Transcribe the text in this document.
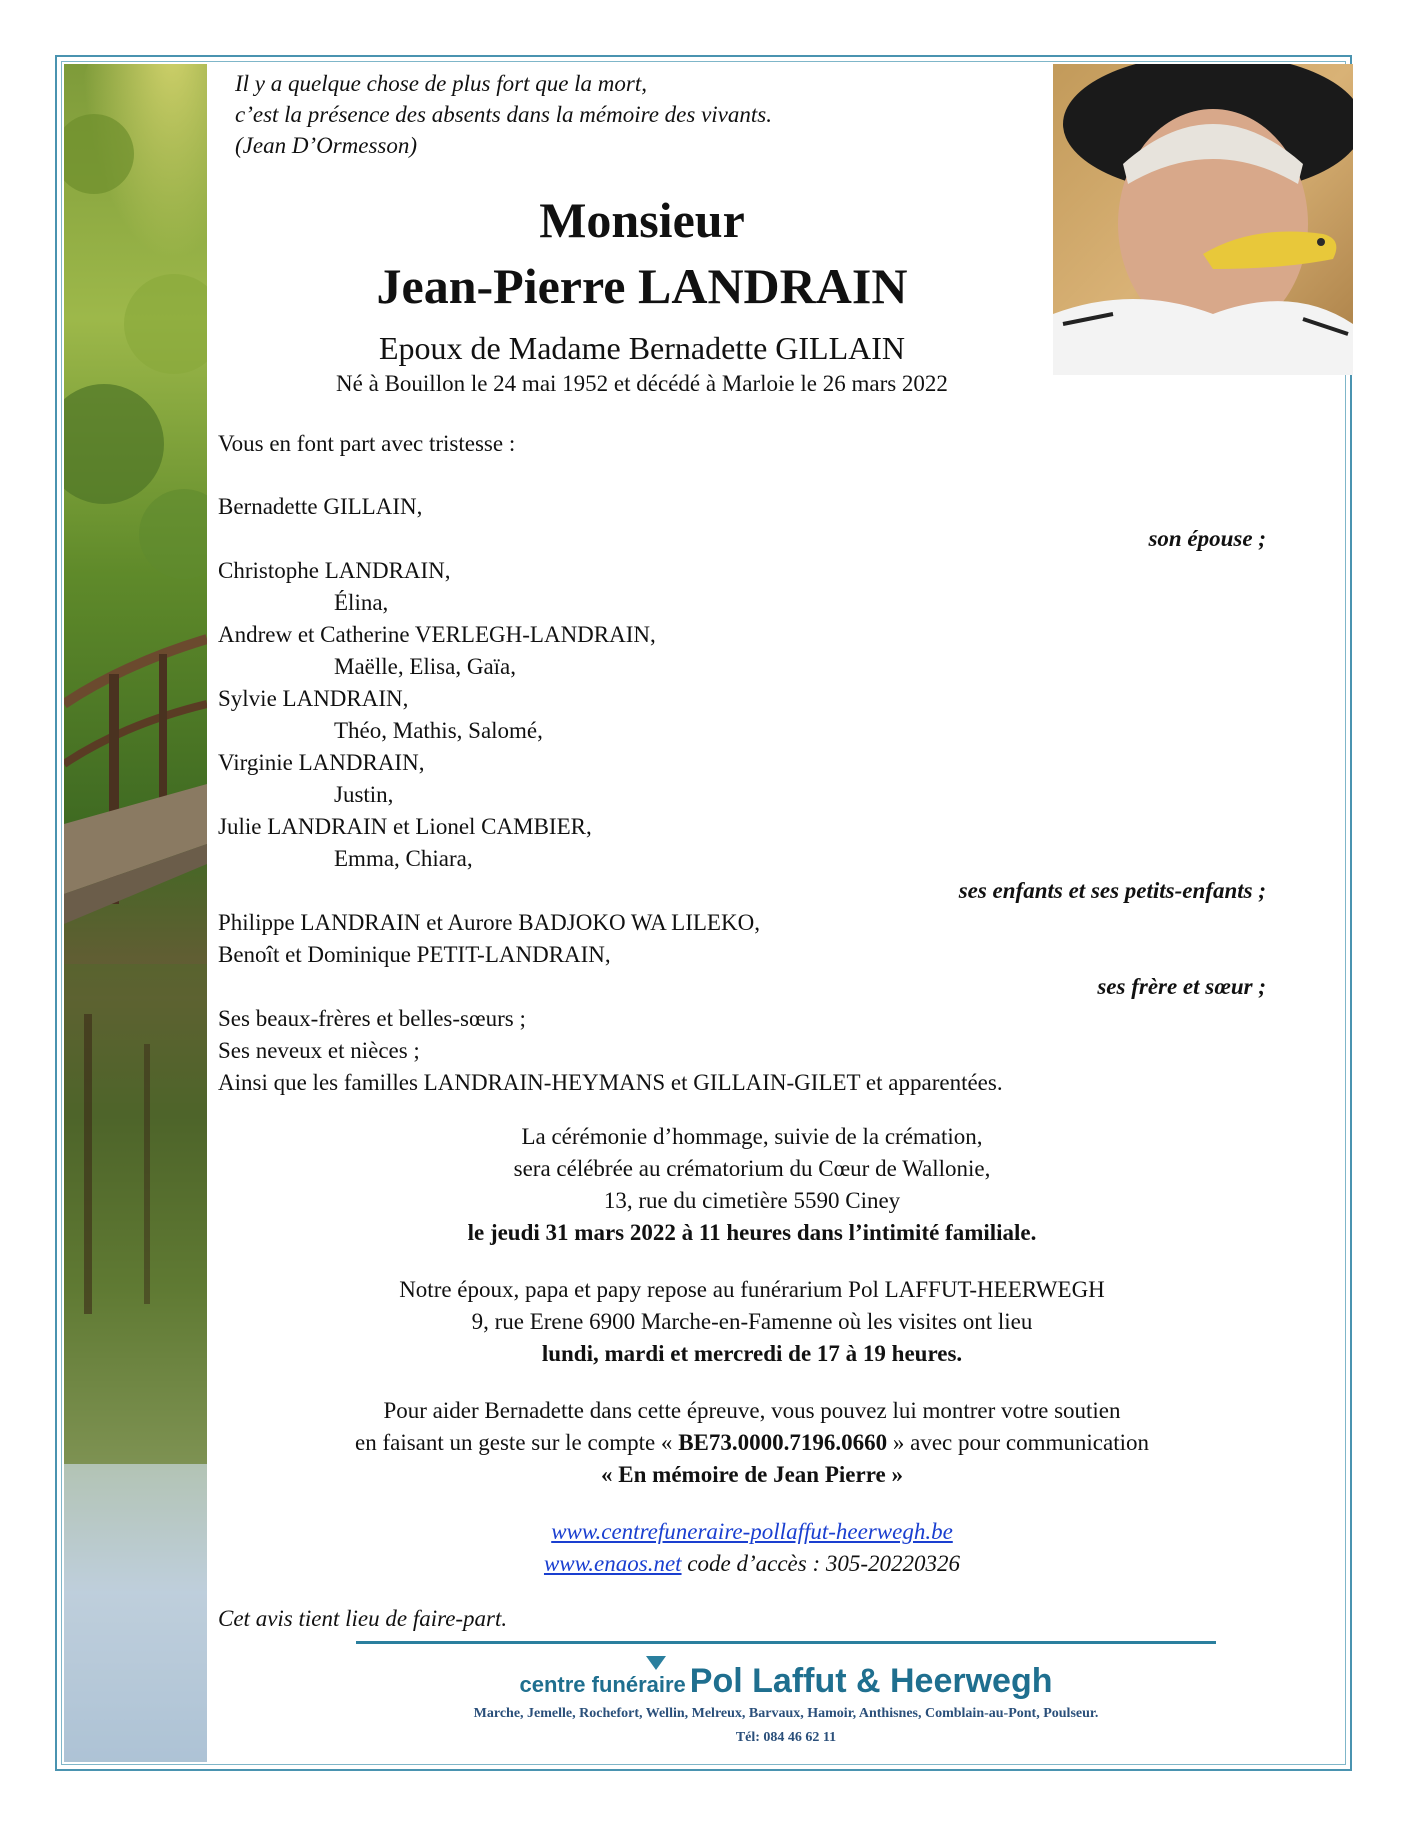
Il y a quelque chose de plus fort que la mort,
c’est la présence des absents dans la mémoire des vivants.
(Jean D’Ormesson)
Monsieur
Jean-Pierre LANDRAIN
Epoux de Madame Bernadette GILLAIN
Né à Bouillon le 24 mai 1952 et décédé à Marloie le 26 mars 2022
Vous en font part avec tristesse :
Bernadette GILLAIN,
son épouse ;
Christophe LANDRAIN,
Élina,
Andrew et Catherine VERLEGH-LANDRAIN,
Maëlle, Elisa, Gaïa,
Sylvie LANDRAIN,
Théo, Mathis, Salomé,
Virginie LANDRAIN,
Justin,
Julie LANDRAIN et Lionel CAMBIER,
Emma, Chiara,
ses enfants et ses petits-enfants ;
Philippe LANDRAIN et Aurore BADJOKO WA LILEKO,
Benoît et Dominique PETIT-LANDRAIN,
ses frère et sœur ;
Ses beaux-frères et belles-sœurs ;
Ses neveux et nièces ;
Ainsi que les familles LANDRAIN-HEYMANS et GILLAIN-GILET et apparentées.
La cérémonie d’hommage, suivie de la crémation,
sera célébrée au crématorium du Cœur de Wallonie,
13, rue du cimetière 5590 Ciney
le jeudi 31 mars 2022 à 11 heures dans l’intimité familiale.
Notre époux, papa et papy repose au funérarium Pol LAFFUT-HEERWEGH
9, rue Erene 6900 Marche-en-Famenne où les visites ont lieu
lundi, mardi et mercredi de 17 à 19 heures.
Pour aider Bernadette dans cette épreuve, vous pouvez lui montrer votre soutien
en faisant un geste sur le compte « BE73.0000.7196.0660 » avec pour communication
« En mémoire de Jean Pierre »
www.centrefuneraire-pollaffut-heerwegh.be
www.enaos.net code d’accès : 305-20220326
Cet avis tient lieu de faire-part.
centre funéraire Pol Laffut & Heerwegh
Marche, Jemelle, Rochefort, Wellin, Melreux, Barvaux, Hamoir, Anthisnes, Comblain-au-Pont, Poulseur.
Tél: 084 46 62 11
